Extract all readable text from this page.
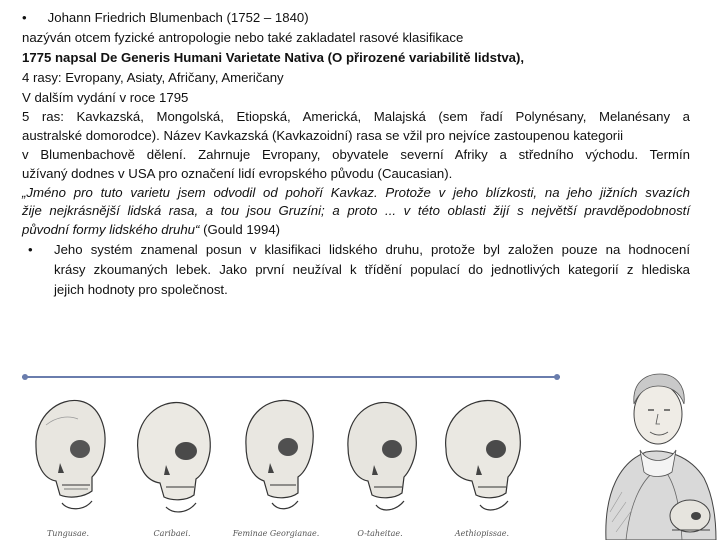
• Johann Friedrich Blumenbach (1752 – 1840)
nazýván otcem fyzické antropologie nebo také zakladatel rasové klasifikace
1775 napsal De Generis Humani Varietate Nativa (O přirozené variabilitě lidstva),
4 rasy: Evropany, Asiaty, Afričany, Američany
V dalším vydání v roce 1795
5 ras: Kavkazská, Mongolská, Etiopská, Americká, Malajská (sem řadí Polynésany, Melanésany a
australské domorodce). Název Kavkazská (Kavkazoidní) rasa se vžil pro nejvíce zastoupenou kategorii
v Blumenbachově dělení. Zahrnuje Evropany, obyvatele severní Afriky a středního východu. Termín
užívaný dodnes v USA pro označení lidí evropského původu (Caucasian).
„Jméno pro tuto varietu jsem odvodil od pohoří Kavkaz. Protože v jeho blízkosti, na jeho jižních svazích
žije nejkrásnější lidská rasa, a tou jsou Gruzíni; a proto ... v této oblasti žijí s největší pravděpodobností
původní formy lidského druhu“ (Gould 1994)
•	Jeho systém znamenal posun v klasifikaci lidského druhu, protože byl založen pouze na hodnocení
krásy zkoumaných lebek. Jako první neužíval k třídění populací do jednotlivých kategorií z hlediska
jejich hodnoty pro společnost.
Tungusae.	Caribaei.	Feminae Georgianae.	O-taheitae.	Aethiopissae.
